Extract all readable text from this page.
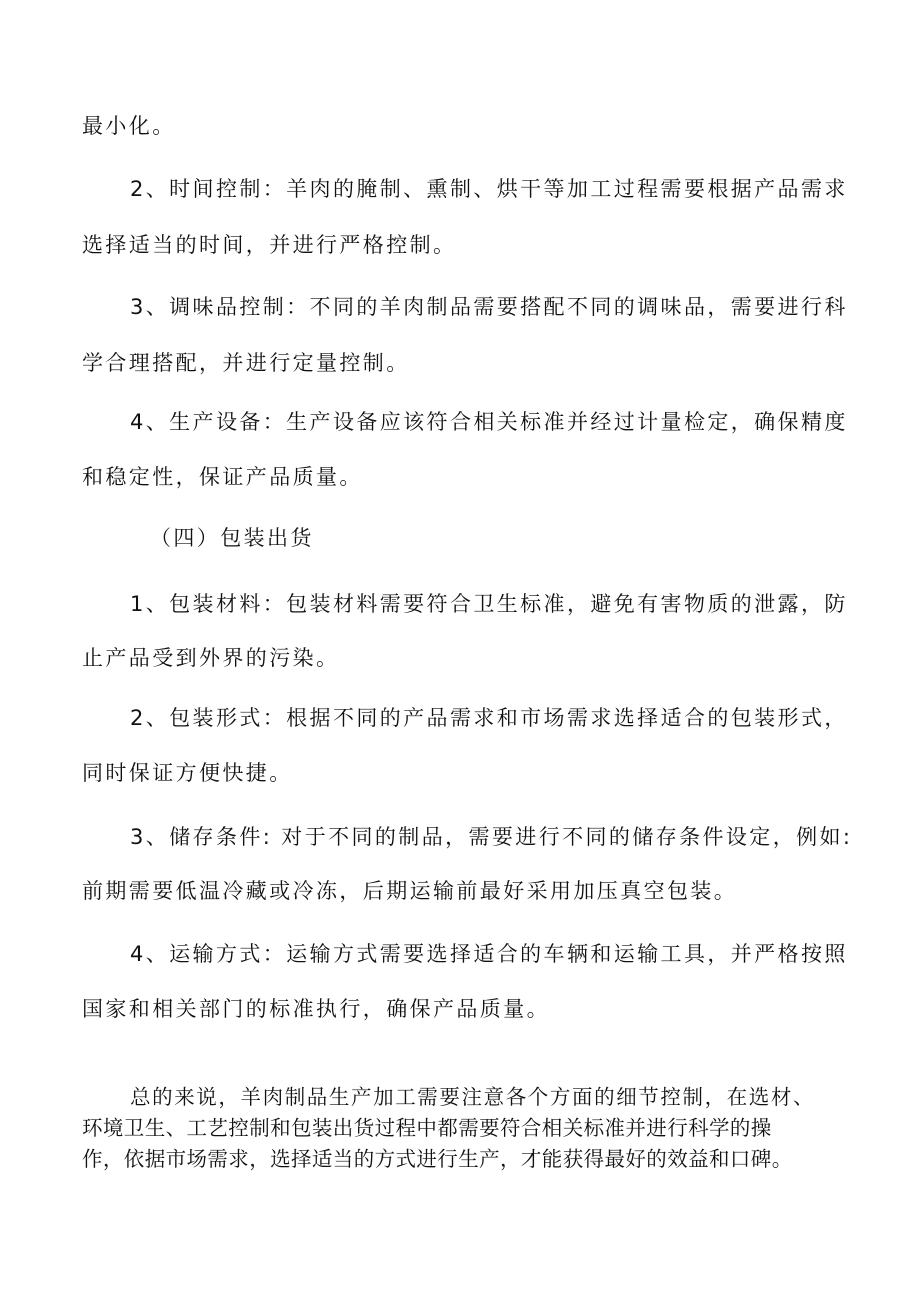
最小化。
2、时间控制：羊肉的腌制、熏制、烘干等加工过程需要根据产品需求
选择适当的时间，并进行严格控制。
3、调味品控制：不同的羊肉制品需要搭配不同的调味品，需要进行科
学合理搭配，并进行定量控制。
4、生产设备：生产设备应该符合相关标准并经过计量检定，确保精度
和稳定性，保证产品质量。
（四）包装出货
1、包装材料：包装材料需要符合卫生标准，避免有害物质的泄露，防
止产品受到外界的污染。
2、包装形式：根据不同的产品需求和市场需求选择适合的包装形式，
同时保证方便快捷。
3、储存条件: 对于不同的制品，需要进行不同的储存条件设定，例如:
前期需要低温冷藏或冷冻，后期运输前最好采用加压真空包装。
4、运输方式：运输方式需要选择适合的车辆和运输工具，并严格按照
国家和相关部门的标准执行，确保产品质量。
总的来说，羊肉制品生产加工需要注意各个方面的细节控制，在选材、
环境卫生、工艺控制和包装出货过程中都需要符合相关标准并进行科学的操
作，依据市场需求，选择适当的方式进行生产，才能获得最好的效益和口碑。
